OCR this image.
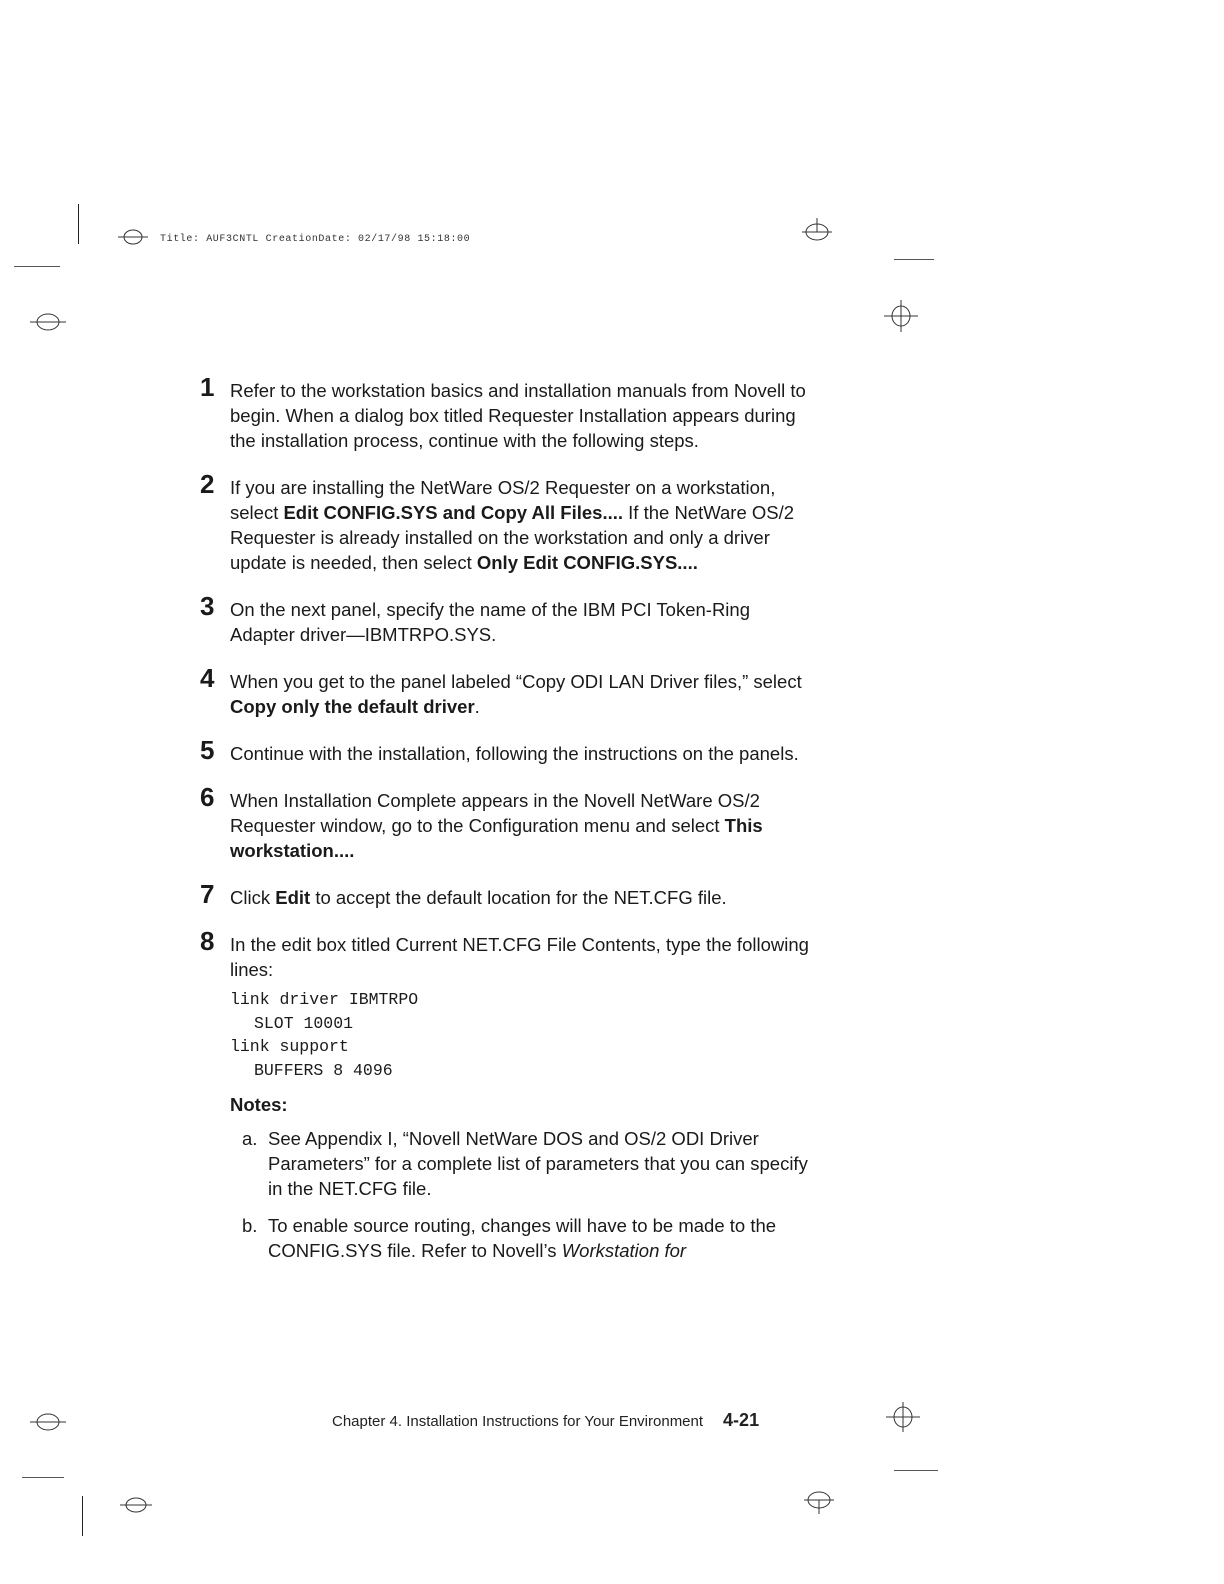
Title: AUF3CNTL CreationDate: 02/17/98 15:18:00
1 Refer to the workstation basics and installation manuals from Novell to begin. When a dialog box titled Requester Installation appears during the installation process, continue with the following steps.
2 If you are installing the NetWare OS/2 Requester on a workstation, select Edit CONFIG.SYS and Copy All Files.... If the NetWare OS/2 Requester is already installed on the workstation and only a driver update is needed, then select Only Edit CONFIG.SYS....
3 On the next panel, specify the name of the IBM PCI Token-Ring Adapter driver—IBMTRPO.SYS.
4 When you get to the panel labeled “Copy ODI LAN Driver files,” select Copy only the default driver.
5 Continue with the installation, following the instructions on the panels.
6 When Installation Complete appears in the Novell NetWare OS/2 Requester window, go to the Configuration menu and select This workstation....
7 Click Edit to accept the default location for the NET.CFG file.
8 In the edit box titled Current NET.CFG File Contents, type the following lines:
link driver IBMTRPO
SLOT 10001
link support
BUFFERS 8 4096
Notes:
a. See Appendix I, “Novell NetWare DOS and OS/2 ODI Driver Parameters” for a complete list of parameters that you can specify in the NET.CFG file.
b. To enable source routing, changes will have to be made to the CONFIG.SYS file. Refer to Novell’s Workstation for
Chapter 4. Installation Instructions for Your Environment 4-21
